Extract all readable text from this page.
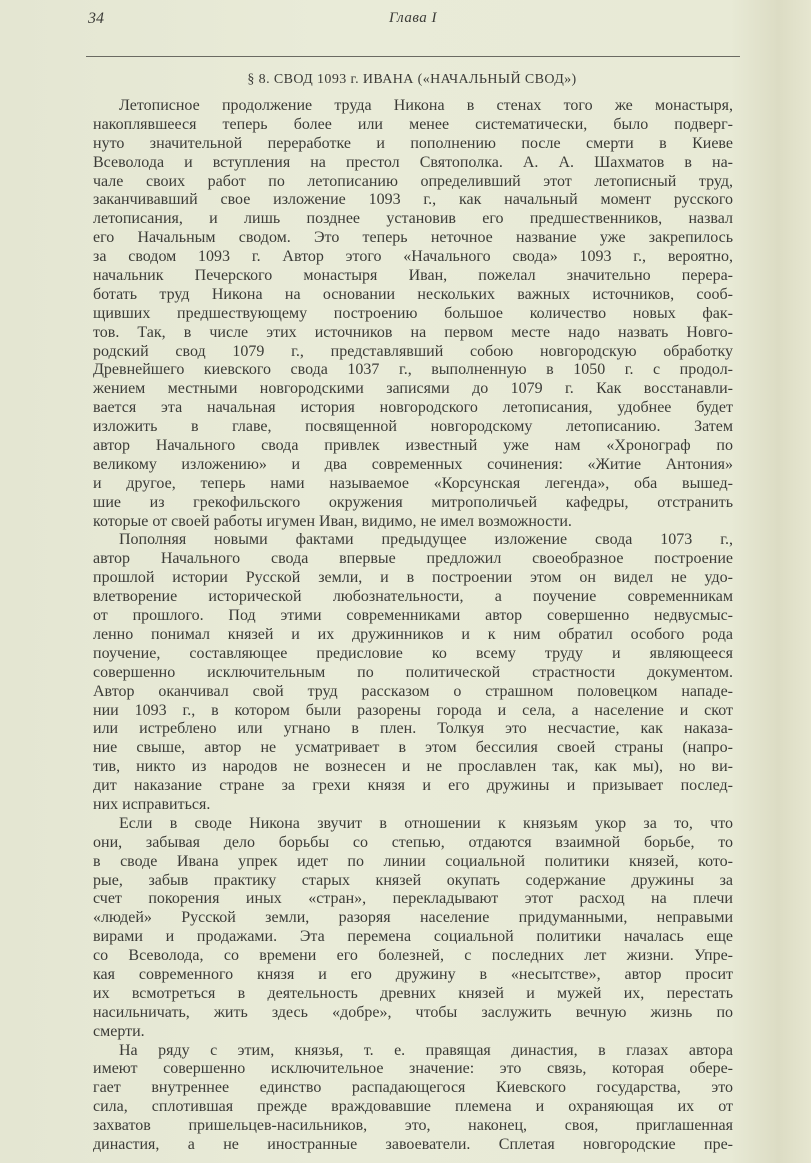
34	Глава I
§ 8. СВОД 1093 г. ИВАНА («НАЧАЛЬНЫЙ СВОД»)
Летописное продолжение труда Никона в стенах того же монастыря,
накоплявшееся теперь более или менее систематически, было подверг-
нуто значительной переработке и пополнению после смерти в Киеве
Всеволода и вступления на престол Святополка. А. А. Шахматов в на-
чале своих работ по летописанию определивший этот летописный труд,
заканчивавший свое изложение 1093 г., как начальный момент русского
летописания, и лишь позднее установив его предшественников, назвал
его Начальным сводом. Это теперь неточное название уже закрепилось
за сводом 1093 г. Автор этого «Начального свода» 1093 г., вероятно,
начальник Печерского монастыря Иван, пожелал значительно перера-
ботать труд Никона на основании нескольких важных источников, сооб-
щивших предшествующему построению большое количество новых фак-
тов. Так, в числе этих источников на первом месте надо назвать Новго-
родский свод 1079 г., представлявший собою новгородскую обработку
Древнейшего киевского свода 1037 г., выполненную в 1050 г. с продол-
жением местными новгородскими записями до 1079 г. Как восстанавли-
вается эта начальная история новгородского летописания, удобнее будет
изложить в главе, посвященной новгородскому летописанию. Затем
автор Начального свода привлек известный уже нам «Хронограф по
великому изложению» и два современных сочинения: «Житие Антония»
и другое, теперь нами называемое «Корсунская легенда», оба вышед-
шие из грекофильского окружения митрополичьей кафедры, отстранить
которые от своей работы игумен Иван, видимо, не имел возможности.
Пополняя новыми фактами предыдущее изложение свода 1073 г.,
автор Начального свода впервые предложил своеобразное построение
прошлой истории Русской земли, и в построении этом он видел не удо-
влетворение исторической любознательности, а поучение современникам
от прошлого. Под этими современниками автор совершенно недвусмыс-
ленно понимал князей и их дружинников и к ним обратил особого рода
поучение, составляющее предисловие ко всему труду и являющееся
совершенно исключительным по политической страстности документом.
Автор оканчивал свой труд рассказом о страшном половецком нападе-
нии 1093 г., в котором были разорены города и села, а население и скот
или истреблено или угнано в плен. Толкуя это несчастие, как наказа-
ние свыше, автор не усматривает в этом бессилия своей страны (напро-
тив, никто из народов не вознесен и не прославлен так, как мы), но ви-
дит наказание стране за грехи князя и его дружины и призывает послед-
них исправиться.
Если в своде Никона звучит в отношении к князьям укор за то, что
они, забывая дело борьбы со степью, отдаются взаимной борьбе, то
в своде Ивана упрек идет по линии социальной политики князей, кото-
рые, забыв практику старых князей окупать содержание дружины за
счет покорения иных «стран», перекладывают этот расход на плечи
«людей» Русской земли, разоряя население придуманными, неправыми
вирами и продажами. Эта перемена социальной политики началась еще
со Всеволода, со времени его болезней, с последних лет жизни. Упре-
кая современного князя и его дружину в «несытстве», автор просит
их всмотреться в деятельность древних князей и мужей их, перестать
насильничать, жить здесь «добре», чтобы заслужить вечную жизнь по
смерти.
На ряду с этим, князья, т. е. правящая династия, в глазах автора
имеют совершенно исключительное значение: это связь, которая обере-
гает внутреннее единство распадающегося Киевского государства, это
сила, сплотившая прежде враждовавшие племена и охраняющая их от
захватов пришельцев-насильников, это, наконец, своя, приглашенная
династия, а не иностранные завоеватели. Сплетая новгородские пре-
